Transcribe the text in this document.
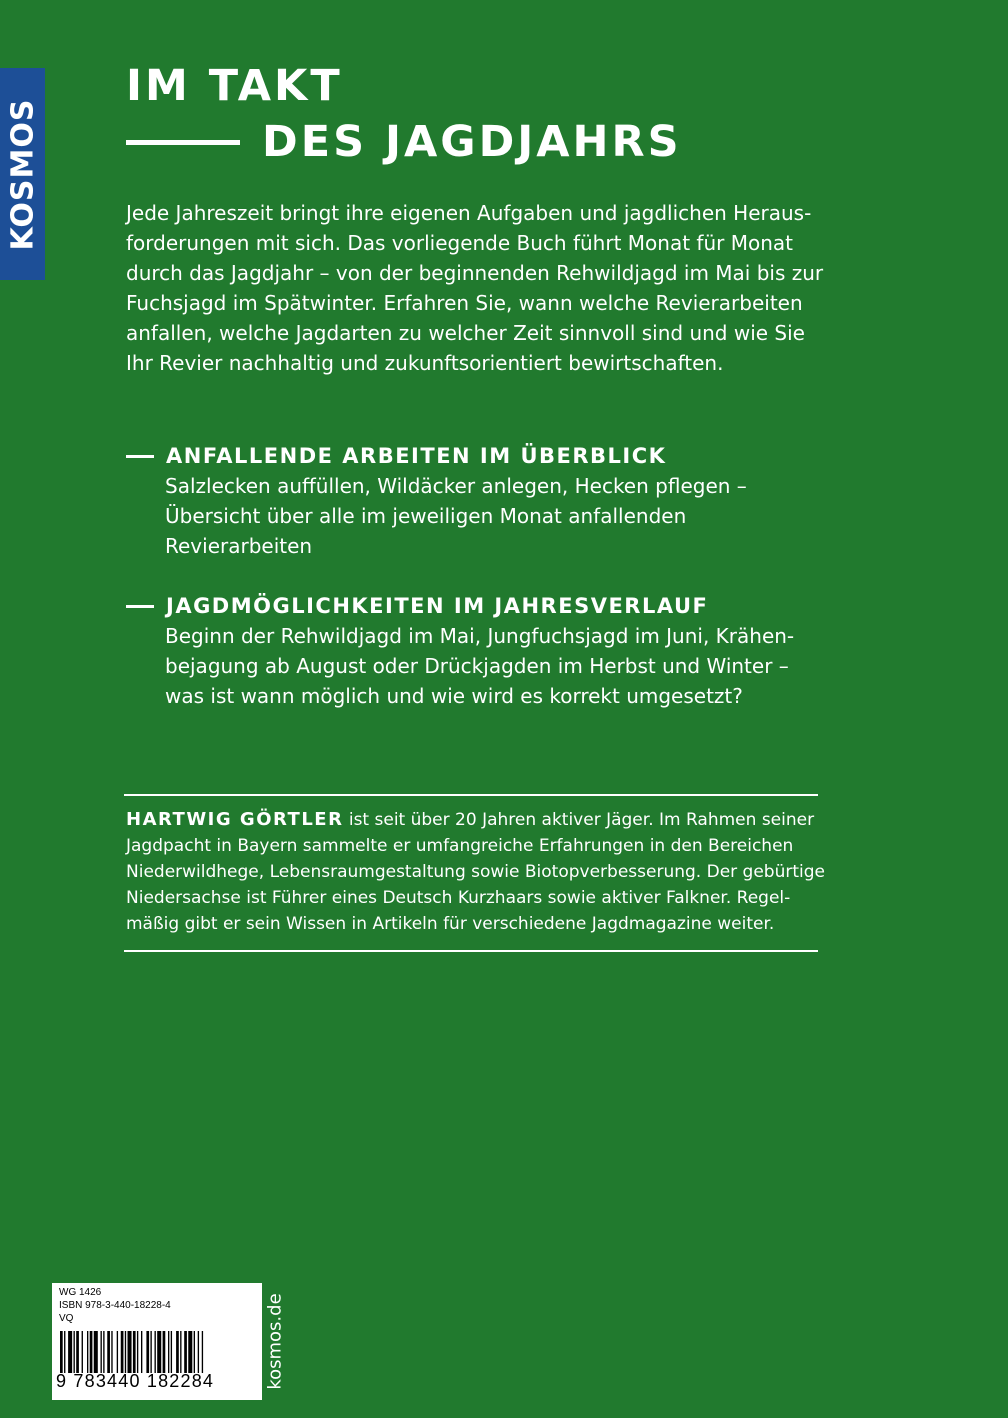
KOSMOS
IM TAKT
DES JAGDJAHRS
Jede Jahreszeit bringt ihre eigenen Aufgaben und jagdlichen Heraus-
forderungen mit sich. Das vorliegende Buch führt Monat für Monat
durch das Jagdjahr – von der beginnenden Rehwildjagd im Mai bis zur
Fuchsjagd im Spätwinter. Erfahren Sie, wann welche Revierarbeiten
anfallen, welche Jagdarten zu welcher Zeit sinnvoll sind und wie Sie
Ihr Revier nachhaltig und zukunftsorientiert bewirtschaften.
ANFALLENDE ARBEITEN IM ÜBERBLICK
Salzlecken auffüllen, Wildäcker anlegen, Hecken pflegen –
Übersicht über alle im jeweiligen Monat anfallenden
Revierarbeiten
JAGDMÖGLICHKEITEN IM JAHRESVERLAUF
Beginn der Rehwildjagd im Mai, Jungfuchsjagd im Juni, Krähen-
bejagung ab August oder Drückjagden im Herbst und Winter –
was ist wann möglich und wie wird es korrekt umgesetzt?
HARTWIG GÖRTLER ist seit über 20 Jahren aktiver Jäger. Im Rahmen seiner
Jagdpacht in Bayern sammelte er umfangreiche Erfahrungen in den Bereichen
Niederwildhege, Lebensraumgestaltung sowie Biotopverbesserung. Der gebürtige
Niedersachse ist Führer eines Deutsch Kurzhaars sowie aktiver Falkner. Regel-
mäßig gibt er sein Wissen in Artikeln für verschiedene Jagdmagazine weiter.
WG 1426
ISBN 978-3-440-18228-4
VQ
9 783440 182284	kosmos.de
